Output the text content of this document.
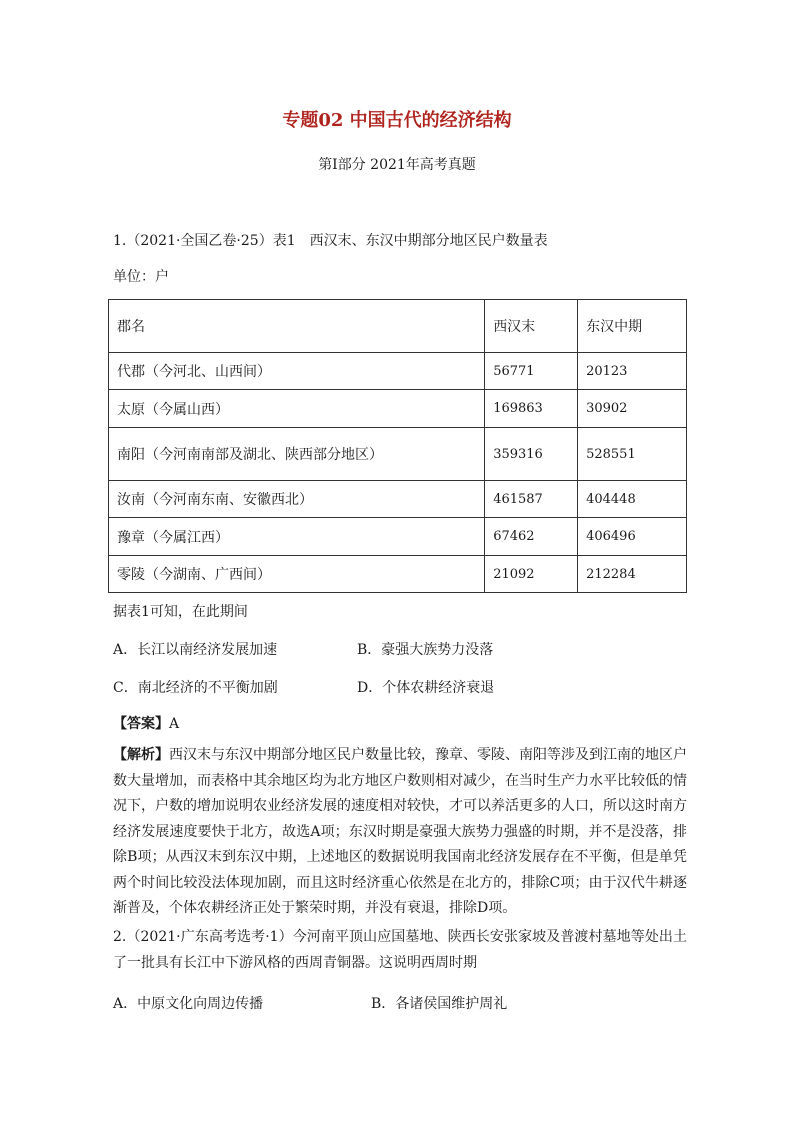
专题02 中国古代的经济结构
第Ⅰ部分 2021年高考真题
1.（2021·全国乙卷·25）表1　西汉末、东汉中期部分地区民户数量表
单位：户
郡名	西汉末	东汉中期
代郡（今河北、山西间）	56771	20123
太原（今属山西）	169863	30902
南阳（今河南南部及湖北、陕西部分地区）	359316	528551
汝南（今河南东南、安徽西北）	461587	404448
豫章（今属江西）	67462	406496
零陵（今湖南、广西间）	21092	212284
据表1可知，在此期间
A．长江以南经济发展加速	B．豪强大族势力没落
C．南北经济的不平衡加剧	D．个体农耕经济衰退
【答案】A

【解析】西汉末与东汉中期部分地区民户数量比较，豫章、零陵、南阳等涉及到江南的地区户数大量增加，而表格中其余地区均为北方地区户数则相对减少，在当时生产力水平比较低的情况下，户数的增加说明农业经济发展的速度相对较快，才可以养活更多的人口，所以这时南方经济发展速度要快于北方，故选A项；东汉时期是豪强大族势力强盛的时期，并不是没落，排除B项；从西汉末到东汉中期，上述地区的数据说明我国南北经济发展存在不平衡，但是单凭两个时间比较没法体现加剧，而且这时经济重心依然是在北方的，排除C项；由于汉代牛耕逐渐普及，个体农耕经济正处于繁荣时期，并没有衰退，排除D项。

2.（2021·广东高考选考·1）今河南平顶山应国墓地、陕西长安张家坡及普渡村墓地等处出土了一批具有长江中下游风格的西周青铜器。这说明西周时期
A．中原文化向周边传播	B．各诸侯国维护周礼
